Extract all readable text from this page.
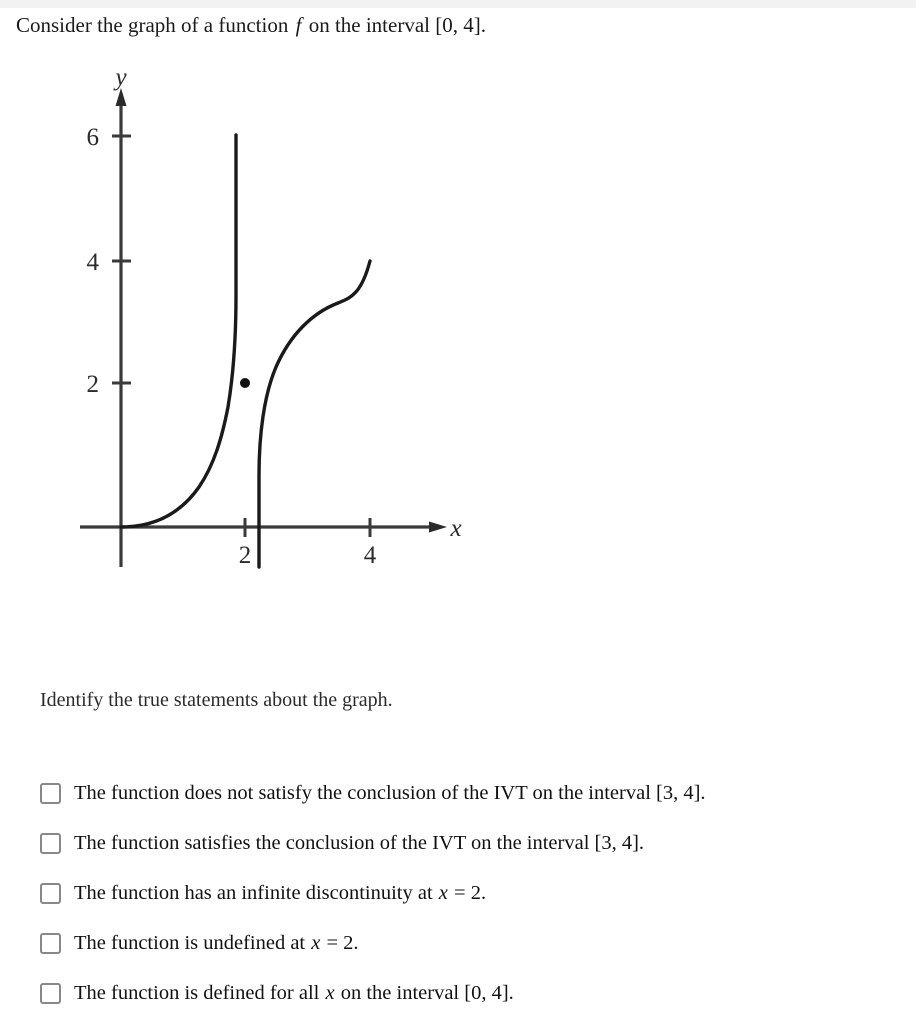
Consider the graph of a function f on the interval [0, 4].
6
4
2
2	4
y
x
Identify the true statements about the graph.
The function does not satisfy the conclusion of the IVT on the interval [3, 4].
The function satisfies the conclusion of the IVT on the interval [3, 4].
The function has an infinite discontinuity at x = 2.
The function is undefined at x = 2.
The function is defined for all x on the interval [0, 4].
